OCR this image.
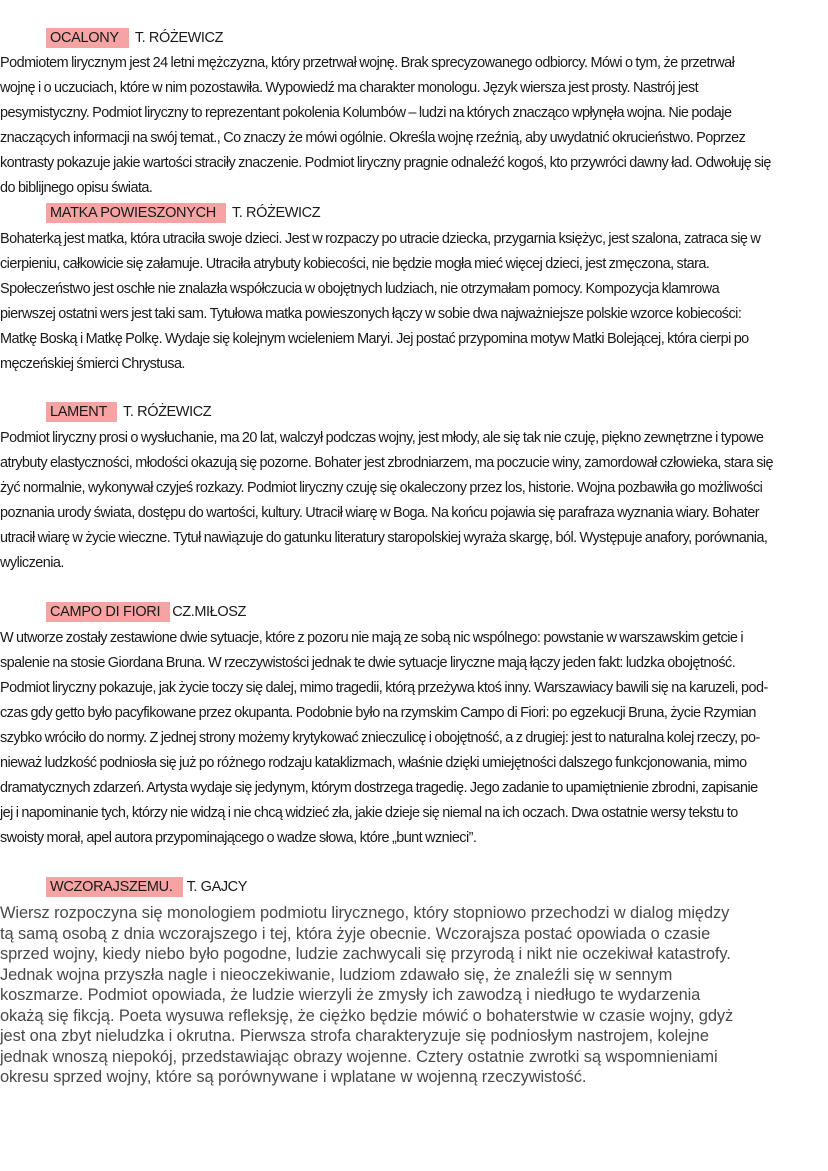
OCALONY T. RÓŻEWICZ
Podmiotem lirycznym jest 24 letni mężczyzna, który przetrwał wojnę. Brak sprecyzowanego odbiorcy. Mówi o tym, że przetrwał
wojnę i o uczuciach, które w nim pozostawiła. Wypowiedź ma charakter monologu. Język wiersza jest prosty. Nastrój jest
pesymistyczny. Podmiot liryczny to reprezentant pokolenia Kolumbów – ludzi na których znacząco wpłynęła wojna. Nie podaje
znaczących informacji na swój temat., Co znaczy że mówi ogólnie. Określa wojnę rzeźnią, aby uwydatnić okrucieństwo. Poprzez
kontrasty pokazuje jakie wartości straciły znaczenie. Podmiot liryczny pragnie odnaleźć kogoś, kto przywróci dawny ład. Odwołuję się
do biblijnego opisu świata.
MATKA POWIESZONYCH T. RÓŻEWICZ
Bohaterką jest matka, która utraciła swoje dzieci. Jest w rozpaczy po utracie dziecka, przygarnia księżyc, jest szalona, zatraca się w
cierpieniu, całkowicie się załamuje. Utraciła atrybuty kobiecości, nie będzie mogła mieć więcej dzieci, jest zmęczona, stara.
Społeczeństwo jest oschłe nie znalazła współczucia w obojętnych ludziach, nie otrzymałam pomocy. Kompozycja klamrowa
pierwszej ostatni wers jest taki sam. Tytułowa matka powieszonych łączy w sobie dwa najważniejsze polskie wzorce kobiecości:
Matkę Boską i Matkę Polkę. Wydaje się kolejnym wcieleniem Maryi. Jej postać przypomina motyw Matki Bolejącej, która cierpi po
męczeńskiej śmierci Chrystusa.
LAMENT T. RÓŻEWICZ
Podmiot liryczny prosi o wysłuchanie, ma 20 lat, walczył podczas wojny, jest młody, ale się tak nie czuję, piękno zewnętrzne i typowe
atrybuty elastyczności, młodości okazują się pozorne. Bohater jest zbrodniarzem, ma poczucie winy, zamordował człowieka, stara się
żyć normalnie, wykonywał czyjeś rozkazy. Podmiot liryczny czuję się okaleczony przez los, historie. Wojna pozbawiła go możliwości
poznania urody świata, dostępu do wartości, kultury. Utracił wiarę w Boga. Na końcu pojawia się parafraza wyznania wiary. Bohater
utracił wiarę w życie wieczne. Tytuł nawiązuje do gatunku literatury staropolskiej wyraża skargę, ból. Występuje anafory, porównania,
wyliczenia.
CAMPO DI FIORI CZ.MIŁOSZ
W utworze zostały zestawione dwie sytuacje, które z pozoru nie mają ze sobą nic wspólnego: powstanie w warszawskim getcie i
spalenie na stosie Giordana Bruna. W rzeczywistości jednak te dwie sytuacje liryczne mają łączy jeden fakt: ludzka obojętność.
Podmiot liryczny pokazuje, jak życie toczy się dalej, mimo tragedii, którą przeżywa ktoś inny. Warszawiacy bawili się na karuzeli, pod-
czas gdy getto było pacyfikowane przez okupanta. Podobnie było na rzymskim Campo di Fiori: po egzekucji Bruna, życie Rzymian
szybko wróciło do normy. Z jednej strony możemy krytykować znieczulicę i obojętność, a z drugiej: jest to naturalna kolej rzeczy, po-
nieważ ludzkość podniosła się już po różnego rodzaju kataklizmach, właśnie dzięki umiejętności dalszego funkcjonowania, mimo
dramatycznych zdarzeń. Artysta wydaje się jedynym, którym dostrzega tragedię. Jego zadanie to upamiętnienie zbrodni, zapisanie
jej i napominanie tych, którzy nie widzą i nie chcą widzieć zła, jakie dzieje się niemal na ich oczach. Dwa ostatnie wersy tekstu to
swoisty morał, apel autora przypominającego o wadze słowa, które „bunt wznieci”.
WCZORAJSZEMU. T. GAJCY
Wiersz rozpoczyna się monologiem podmiotu lirycznego, który stopniowo przechodzi w dialog między
tą samą osobą z dnia wczorajszego i tej, która żyje obecnie. Wczorajsza postać opowiada o czasie
sprzed wojny, kiedy niebo było pogodne, ludzie zachwycali się przyrodą i nikt nie oczekiwał katastrofy.
Jednak wojna przyszła nagle i nieoczekiwanie, ludziom zdawało się, że znaleźli się w sennym
koszmarze. Podmiot opowiada, że ludzie wierzyli że zmysły ich zawodzą i niedługo te wydarzenia
okażą się fikcją. Poeta wysuwa refleksję, że ciężko będzie mówić o bohaterstwie w czasie wojny, gdyż
jest ona zbyt nieludzka i okrutna. Pierwsza strofa charakteryzuje się podniosłym nastrojem, kolejne
jednak wnoszą niepokój, przedstawiając obrazy wojenne. Cztery ostatnie zwrotki są wspomnieniami
okresu sprzed wojny, które są porównywane i wplatane w wojenną rzeczywistość.
